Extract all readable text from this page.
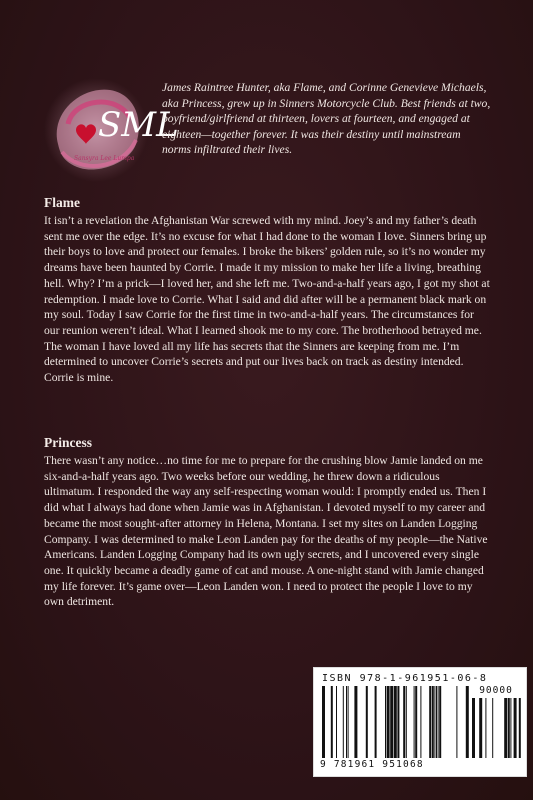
SML
Sansyra Lee Lumpa

James Raintree Hunter, aka Flame, and Corinne Genevieve Michaels, aka Princess, grew up in Sinners Motorcycle Club. Best friends at two, boyfriend/girlfriend at thirteen, lovers at fourteen, and engaged at eighteen—together forever. It was their destiny until mainstream norms infiltrated their lives.

Flame

It isn’t a revelation the Afghanistan War screwed with my mind. Joey’s and my father’s death sent me over the edge. It’s no excuse for what I had done to the woman I love. Sinners bring up their boys to love and protect our females. I broke the bikers’ golden rule, so it’s no wonder my dreams have been haunted by Corrie. I made it my mission to make her life a living, breathing hell. Why? I’m a prick—I loved her, and she left me. Two-and-a-half years ago, I got my shot at redemption. I made love to Corrie. What I said and did after will be a permanent black mark on my soul. Today I saw Corrie for the first time in two-and-a-half years. The circumstances for our reunion weren’t ideal. What I learned shook me to my core. The brotherhood betrayed me. The woman I have loved all my life has secrets that the Sinners are keeping from me. I’m determined to uncover Corrie’s secrets and put our lives back on track as destiny intended. Corrie is mine.

Princess

There wasn’t any notice…no time for me to prepare for the crushing blow Jamie landed on me six-and-a-half years ago. Two weeks before our wedding, he threw down a ridiculous ultimatum. I responded the way any self-respecting woman would: I promptly ended us. Then I did what I always had done when Jamie was in Afghanistan. I devoted myself to my career and became the most sought-after attorney in Helena, Montana. I set my sites on Landen Logging Company. I was determined to make Leon Landen pay for the deaths of my people—the Native Americans. Landen Logging Company had its own ugly secrets, and I uncovered every single one. It quickly became a deadly game of cat and mouse. A one-night stand with Jamie changed my life forever. It’s game over—Leon Landen won. I need to protect the people I love to my own detriment.

ISBN 978-1-961951-06-8
90000
9 781961 951068
